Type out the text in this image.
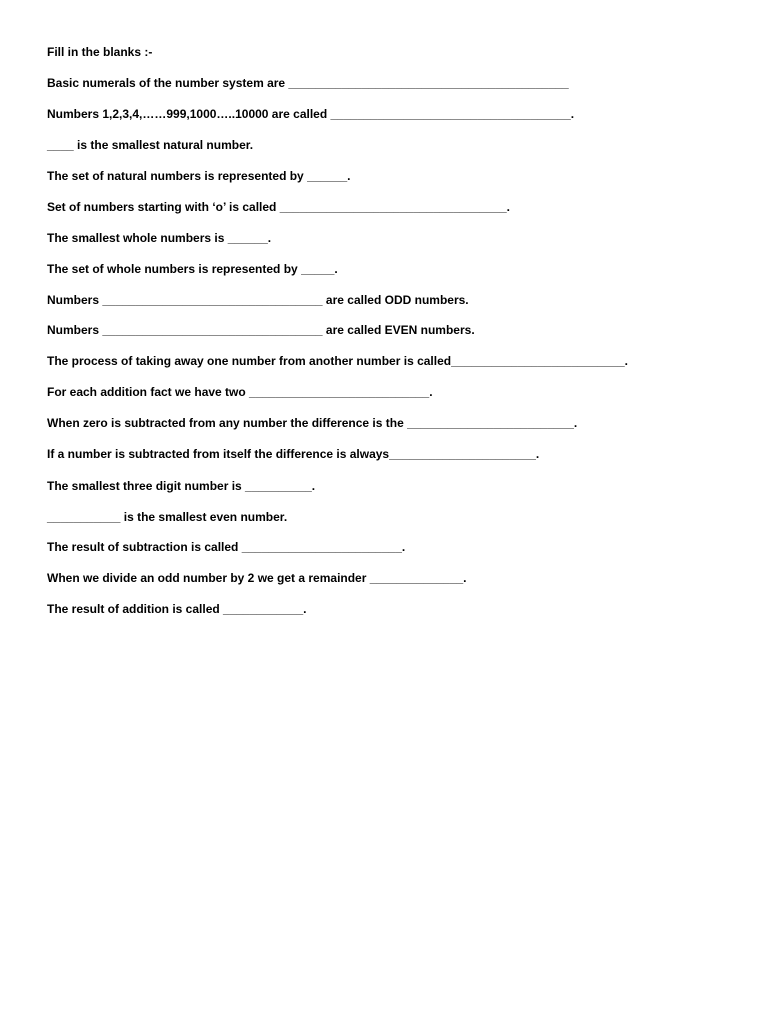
Fill in the blanks :-
Basic numerals of the number system are __________________________________________
Numbers 1,2,3,4,……999,1000…..10000 are called ____________________________________.
____ is the smallest natural number.
The set of natural numbers is represented by ______.
Set of numbers starting with ‘o’ is called __________________________________.
The smallest whole numbers is ______.
The set of whole numbers is represented by _____.
Numbers _________________________________ are called ODD numbers.
Numbers _________________________________ are called EVEN numbers.
The process of taking away one number from another number is called__________________________.
For each addition fact we have two ___________________________.
When zero is subtracted from any number the difference is the _________________________.
If a number is subtracted from itself the difference is always______________________.
The smallest three digit number is __________.
___________ is the smallest even number.
The result of subtraction is called ________________________.
When we divide an odd number by 2 we get a remainder ______________.
The result of addition is called ____________.
